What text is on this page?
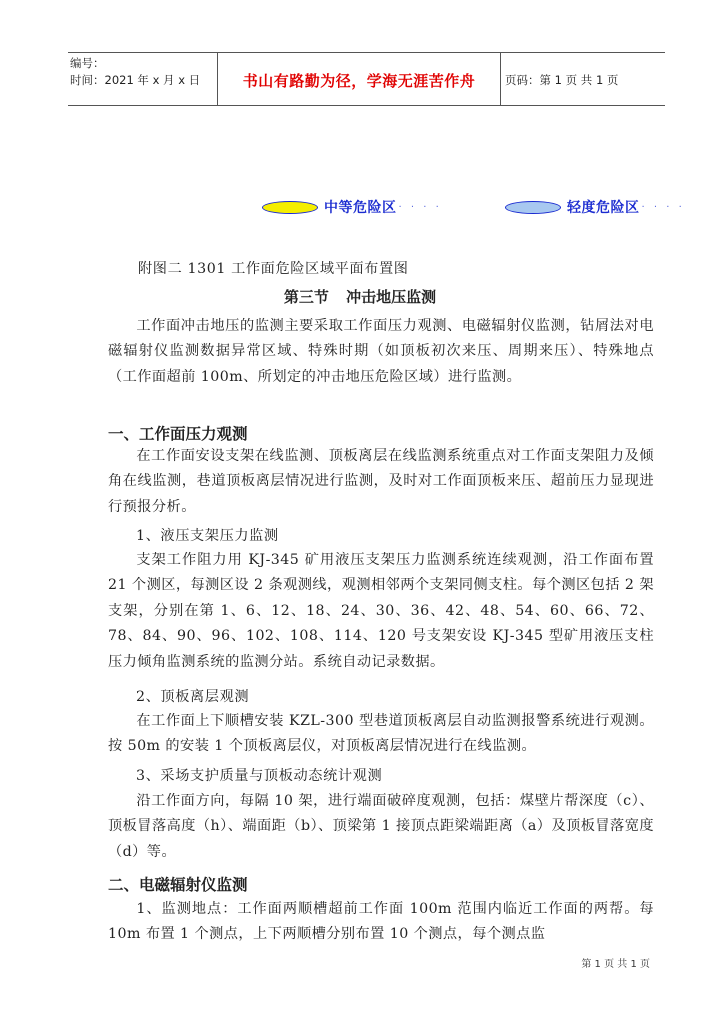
编号：
时间：2021 年 x 月 x 日	书山有路勤为径，学海无涯苦作舟	页码：第 1 页 共 1 页
中等危险区 · · · ·	轻度危险区 · · · ·

附图二 1301 工作面危险区域平面布置图

第三节 冲击地压监测

工作面冲击地压的监测主要采取工作面压力观测、电磁辐射仪监测，钻屑法对电磁辐射仪监测数据异常区域、特殊时期（如顶板初次来压、周期来压）、特殊地点（工作面超前 100m、所划定的冲击地压危险区域）进行监测。

一、工作面压力观测

在工作面安设支架在线监测、顶板离层在线监测系统重点对工作面支架阻力及倾角在线监测，巷道顶板离层情况进行监测，及时对工作面顶板来压、超前压力显现进行预报分析。

1、液压支架压力监测

支架工作阻力用 KJ-345 矿用液压支架压力监测系统连续观测，沿工作面布置 21 个测区，每测区设 2 条观测线，观测相邻两个支架同侧支柱。每个测区包括 2 架支架，分别在第 1、6、12、18、24、30、36、42、48、54、60、66、72、78、84、90、96、102、108、114、120 号支架安设 KJ-345 型矿用液压支柱压力倾角监测系统的监测分站。系统自动记录数据。

2、顶板离层观测

在工作面上下顺槽安装 KZL-300 型巷道顶板离层自动监测报警系统进行观测。按 50m 的安装 1 个顶板离层仪，对顶板离层情况进行在线监测。

3、采场支护质量与顶板动态统计观测

沿工作面方向，每隔 10 架，进行端面破碎度观测，包括：煤壁片帮深度（c）、顶板冒落高度（h）、端面距（b）、顶梁第 1 接顶点距梁端距离（a）及顶板冒落宽度（d）等。

二、电磁辐射仪监测

1、监测地点：工作面两顺槽超前工作面 100m 范围内临近工作面的两帮。每 10m 布置 1 个测点，上下两顺槽分别布置 10 个测点，每个测点监

第 1 页 共 1 页
